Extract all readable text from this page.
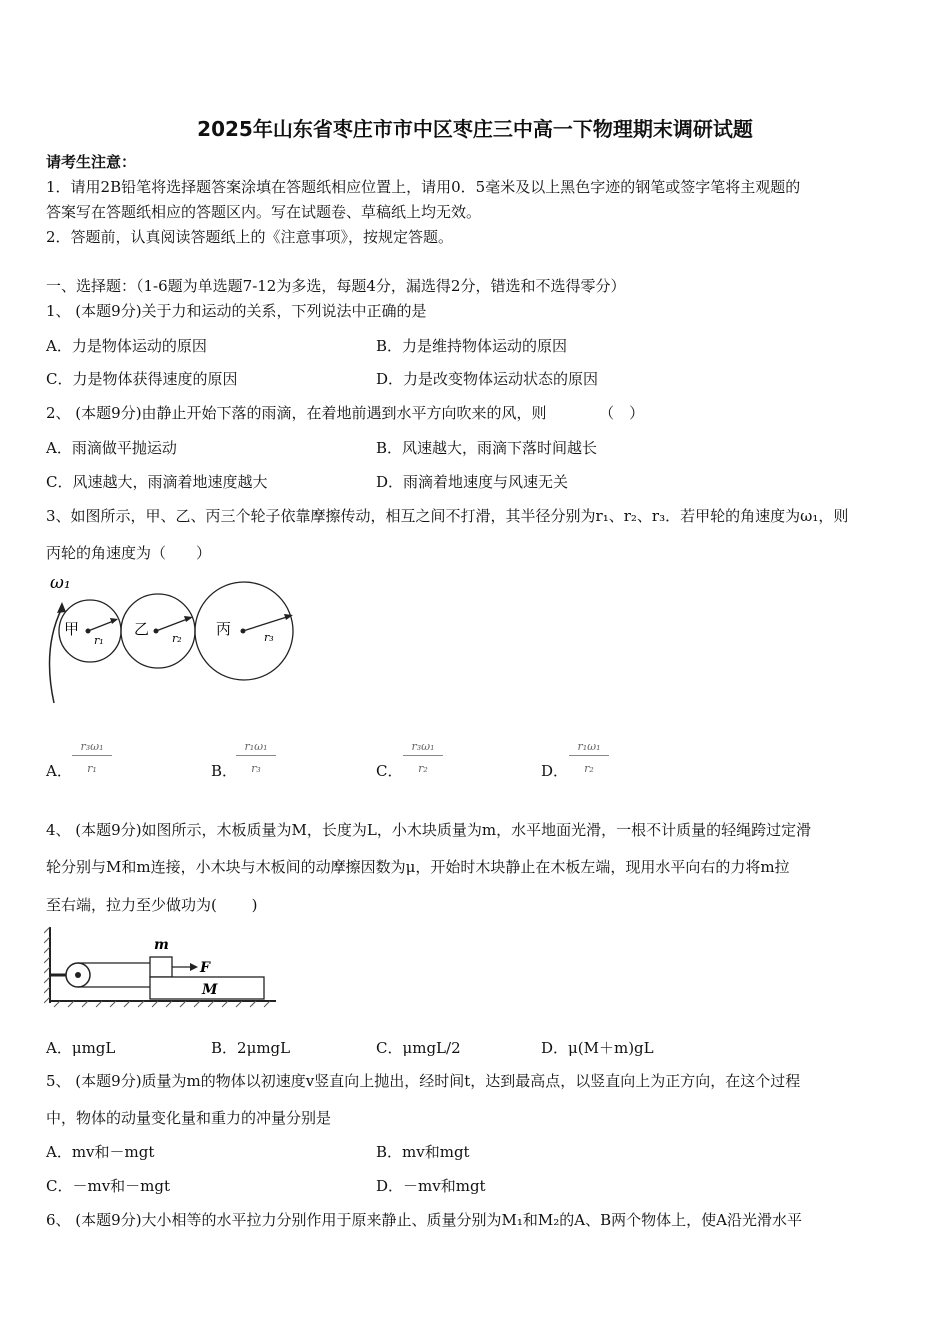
2025年山东省枣庄市市中区枣庄三中高一下物理期末调研试题
请考生注意：
1．请用2B铅笔将选择题答案涂填在答题纸相应位置上，请用0．5毫米及以上黑色字迹的钢笔或签字笔将主观题的
答案写在答题纸相应的答题区内。写在试题卷、草稿纸上均无效。
2．答题前，认真阅读答题纸上的《注意事项》，按规定答题。
一、选择题：（1-6题为单选题7-12为多选，每题4分，漏选得2分，错选和不选得零分）
1、 (本题9分)关于力和运动的关系，下列说法中正确的是
A．力是物体运动的原因	B．力是维持物体运动的原因
C．力是物体获得速度的原因	D．力是改变物体运动状态的原因
2、 (本题9分)由静止开始下落的雨滴，在着地前遇到水平方向吹来的风，则　　　　（　）
A．雨滴做平抛运动	B．风速越大，雨滴下落时间越长
C．风速越大，雨滴着地速度越大	D．雨滴着地速度与风速无关
3、如图所示，甲、乙、丙三个轮子依靠摩擦传动，相互之间不打滑，其半径分别为r₁、r₂、r₃．若甲轮的角速度为ω₁，则
丙轮的角速度为（　　）
ω₁
甲	乙	丙
r₁	r₂	r₃
A． $\frac{\text{r₃ω₁}}{\text{r₁}}$	B．
$\frac{\text{r₁ω₁}}{\text{r₃}}$	C． $\frac{\text{r₃ω₁}}{\text{r₂}}$	D． $\frac{\text{r₁ω₁}}{\text{r₂}}$
4、 (本题9分)如图所示，木板质量为M，长度为L，小木块质量为m，水平地面光滑，一根不计质量的轻绳跨过定滑
轮分别与M和m连接，小木块与木板间的动摩擦因数为μ，开始时木块静止在木板左端，现用水平向右的力将m拉
至右端，拉力至少做功为(　　 )
m
F
M
A．μmgL	B．2μmgL	C．μmgL/2	D．μ(M＋m)gL
5、 (本题9分)质量为m的物体以初速度v竖直向上抛出，经时间t，达到最高点，以竖直向上为正方向，在这个过程
中，物体的动量变化量和重力的冲量分别是
A．mv和－mgt	B．mv和mgt
C．－mv和－mgt	D．－mv和mgt
6、 (本题9分)大小相等的水平拉力分别作用于原来静止、质量分别为M₁和M₂的A、B两个物体上，使A沿光滑水平
